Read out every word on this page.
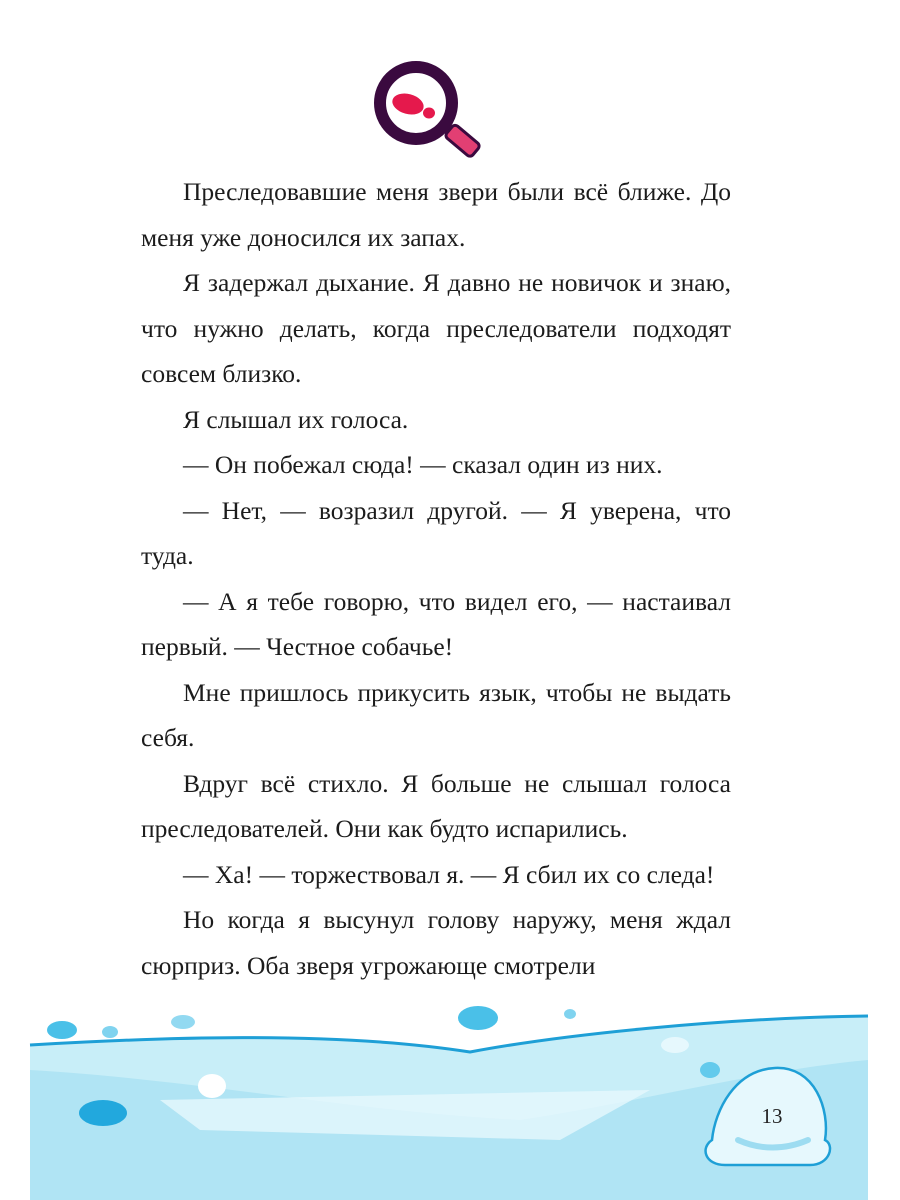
Преследовавшие меня звери были всё ближе. До меня уже доносился их запах.

Я задержал дыхание. Я давно не новичок и знаю, что нужно делать, когда преследователи подходят совсем близко.

Я слышал их голоса.

— Он побежал сюда! — сказал один из них.

— Нет, — возразил другой. — Я уверена, что туда.

— А я тебе говорю, что видел его, — настаивал первый. — Честное собачье!

Мне пришлось прикусить язык, чтобы не выдать себя.

Вдруг всё стихло. Я больше не слышал голоса преследователей. Они как будто испарились.

— Ха! — торжествовал я. — Я сбил их со следа!

Но когда я высунул голову наружу, меня ждал сюрприз. Оба зверя угрожающе смотрели

13
